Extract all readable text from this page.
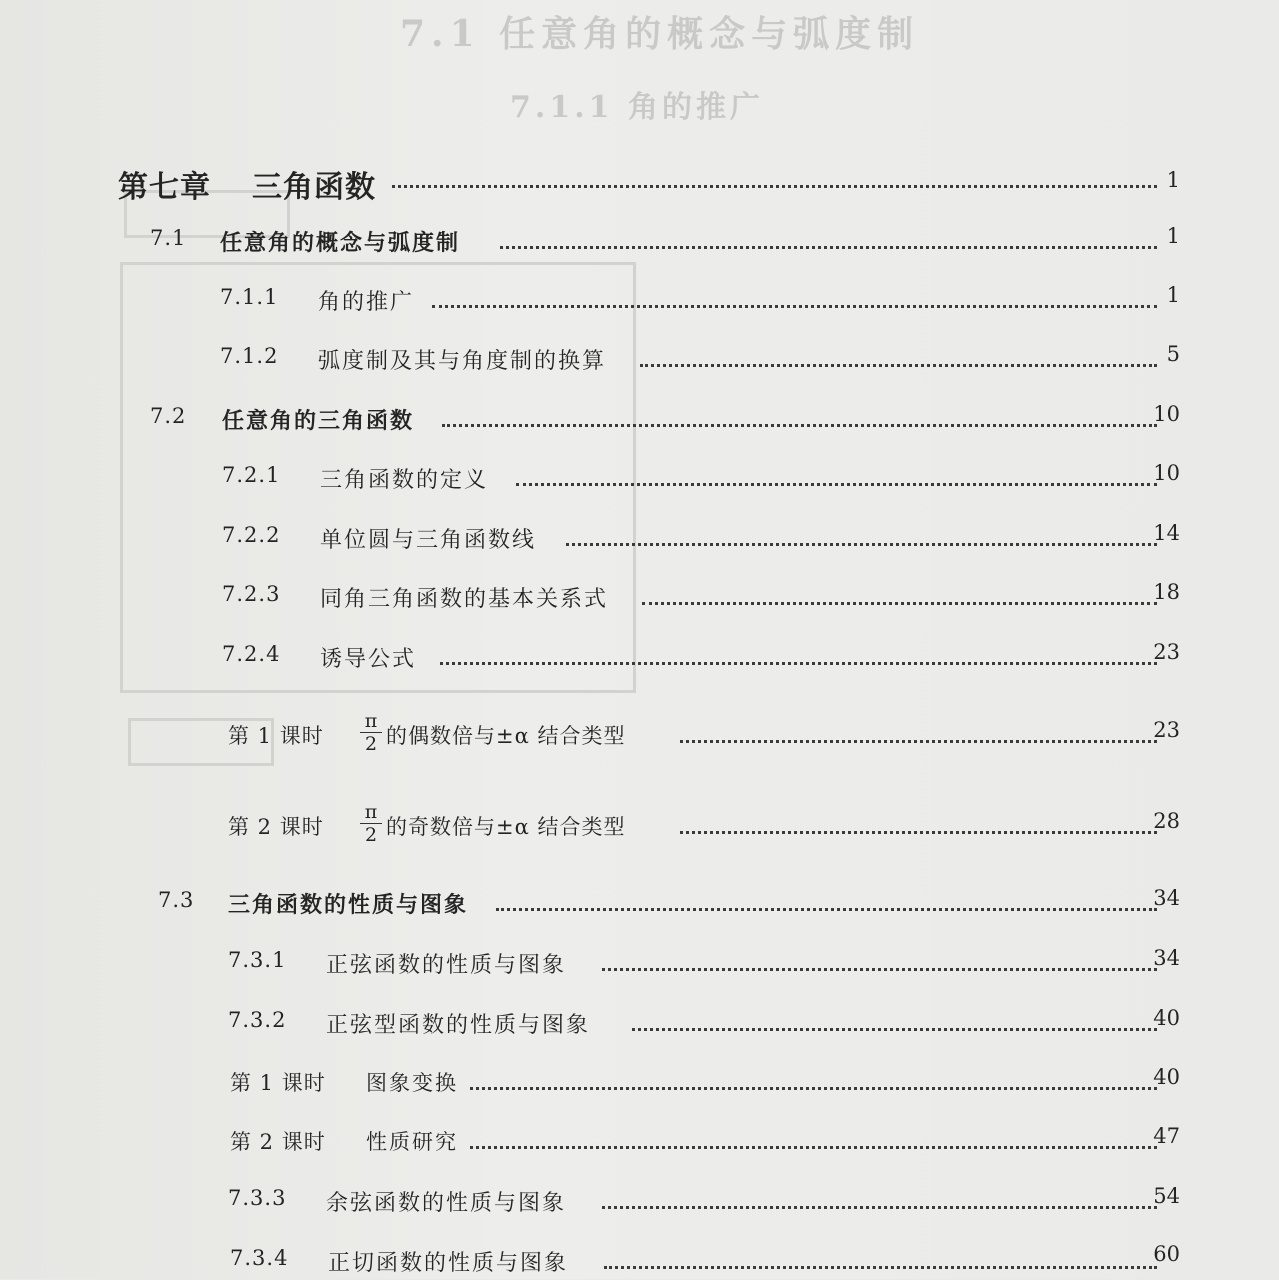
7.1 任意角的概念与弧度制
7.1.1 角的推广
第七章 三角函数	1
7.1 任意角的概念与弧度制	1
7.1.1 角的推广	1
7.1.2 弧度制及其与角度制的换算	5
7.2 任意角的三角函数	10
7.2.1 三角函数的定义	10
7.2.2 单位圆与三角函数线	14
7.2.3 同角三角函数的基本关系式	18
7.2.4 诱导公式	23
第 1 课时 $\frac{\pi}{2}$ 的偶数倍与±α 结合类型	23
第 2 课时 $\frac{\pi}{2}$ 的奇数倍与±α 结合类型	28
7.3 三角函数的性质与图象	34
7.3.1 正弦函数的性质与图象	34
7.3.2 正弦型函数的性质与图象	40
第 1 课时 图象变换	40
第 2 课时 性质研究	47
7.3.3 余弦函数的性质与图象	54
7.3.4 正切函数的性质与图象	60
